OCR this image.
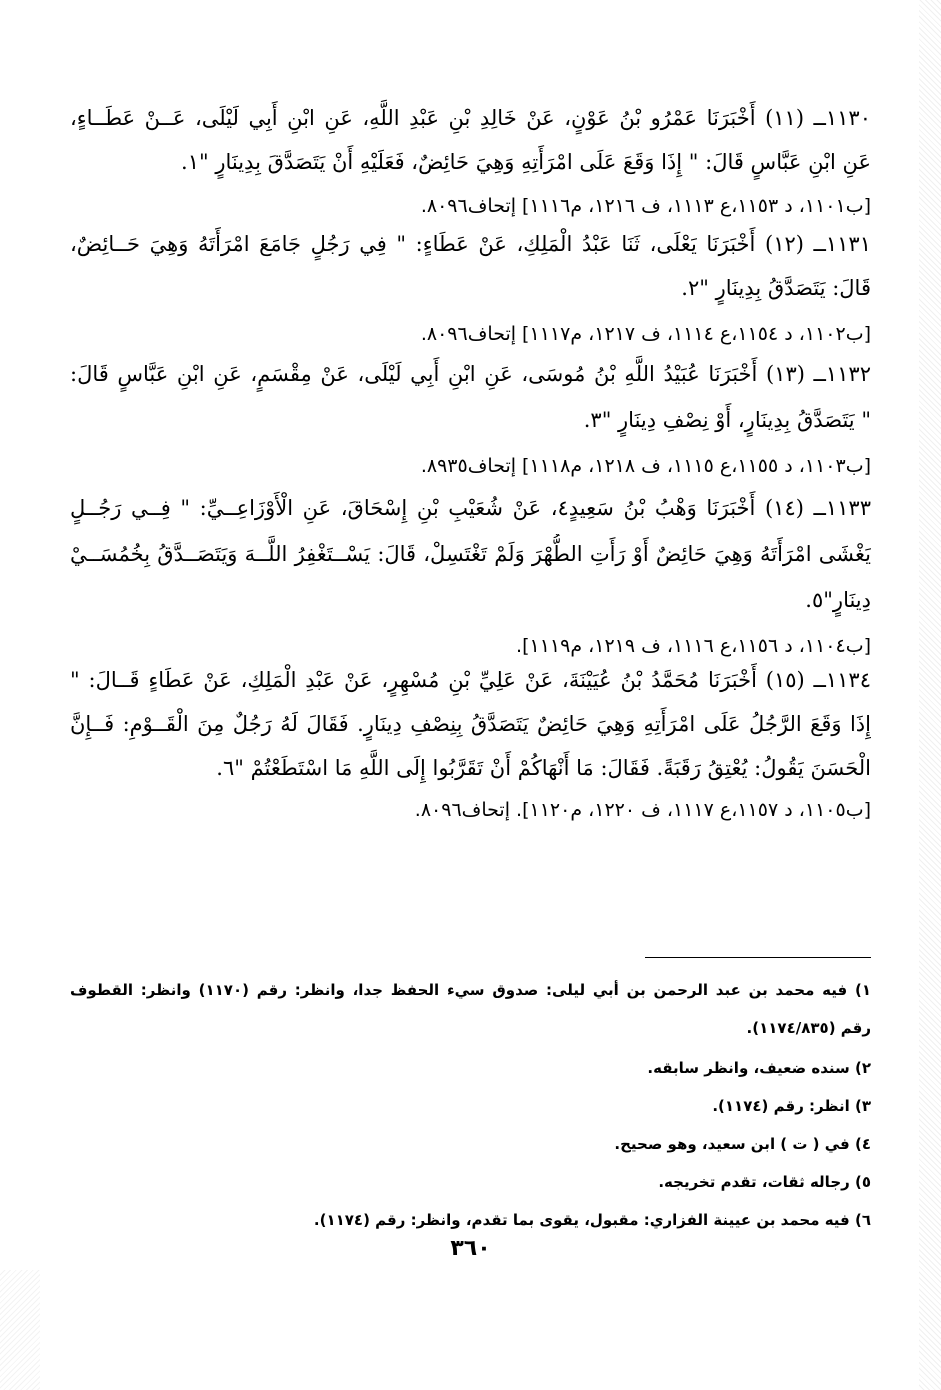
١١٣٠ــ (١١) أَخْبَرَنَا عَمْرُو بْنُ عَوْنٍ، عَنْ خَالِدِ بْنِ عَبْدِ اللَّهِ، عَنِ ابْنِ أَبِي لَيْلَى، عَــنْ عَطَــاءٍ،
عَنِ ابْنِ عَبَّاسٍ قَالَ: " إِذَا وَقَعَ عَلَى امْرَأَتِهِ وَهِيَ حَائِضٌ، فَعَلَيْهِ أَنْ يَتَصَدَّقَ بِدِينَارٍ "١.
[ب١١٠١، د ١١٥٣،ع ١١١٣، ف ١٢١٦، م١١١٦] إتحاف٨٠٩٦.
١١٣١ــ (١٢) أَخْبَرَنَا يَعْلَى، ثَنَا عَبْدُ الْمَلِكِ، عَنْ عَطَاءٍ: " فِي رَجُلٍ جَامَعَ امْرَأَتَهُ وَهِيَ حَــائِضٌ،
قَالَ: يَتَصَدَّقُ بِدِينَارٍ "٢.
[ب١١٠٢، د ١١٥٤،ع ١١١٤، ف ١٢١٧، م١١١٧] إتحاف٨٠٩٦.
١١٣٢ــ (١٣) أَخْبَرَنَا عُبَيْدُ اللَّهِ بْنُ مُوسَى، عَنِ ابْنِ أَبِي لَيْلَى، عَنْ مِقْسَمٍ، عَنِ ابْنِ عَبَّاسٍ قَالَ:
" يَتَصَدَّقُ بِدِينَارٍ، أَوْ نِصْفِ دِينَارٍ "٣.
[ب١١٠٣، د ١١٥٥،ع ١١١٥، ف ١٢١٨، م١١١٨] إتحاف٨٩٣٥.
١١٣٣ــ (١٤) أَخْبَرَنَا وَهْبُ بْنُ سَعِيدٍ٤، عَنْ شُعَيْبِ بْنِ إِسْحَاقَ، عَنِ الْأَوْزَاعِــيِّ: " فِــي رَجُــلٍ
يَغْشَى امْرَأَتَهُ وَهِيَ حَائِضٌ أَوْ رَأَتِ الطُّهْرَ وَلَمْ تَغْتَسِلْ، قَالَ: يَسْــتَغْفِرُ اللَّــهَ وَيَتَصَــدَّقُ بِخُمُسَــيْ
دِينَارٍ"٥.
[ب١١٠٤، د ١١٥٦،ع ١١١٦، ف ١٢١٩، م١١١٩].
١١٣٤ــ (١٥) أَخْبَرَنَا مُحَمَّدُ بْنُ عُيَيْنَةَ، عَنْ عَلِيِّ بْنِ مُسْهِرٍ، عَنْ عَبْدِ الْمَلِكِ، عَنْ عَطَاءٍ قَــالَ: "
إِذَا وَقَعَ الرَّجُلُ عَلَى امْرَأَتِهِ وَهِيَ حَائِضٌ يَتَصَدَّقُ بِنِصْفِ دِينَارٍ. فَقَالَ لَهُ رَجُلٌ مِنَ الْقَــوْمِ: فَــإِنَّ
الْحَسَنَ يَقُولُ: يُعْتِقُ رَقَبَةً. فَقَالَ: مَا أَنْهَاكُمْ أَنْ تَقَرَّبُوا إِلَى اللَّهِ مَا اسْتَطَعْتُمْ "٦.
[ب١١٠٥، د ١١٥٧،ع ١١١٧، ف ١٢٢٠، م١١٢٠]. إتحاف٨٠٩٦.
١) فيه محمد بن عبد الرحمن بن أبي ليلى: صدوق سيء الحفظ جدا، وانظر: رقم (١١٧٠) وانظر: القطوف
رقم (١١٧٤/٨٣٥).
٢) سنده ضعيف، وانظر سابقه.
٣) انظر: رقم (١١٧٤).
٤) في ( ت ) ابن سعيد، وهو صحيح.
٥) رجاله ثقات، تقدم تخريجه.
٦) فيه محمد بن عيينة الفزاري: مقبول، يقوى بما تقدم، وانظر: رقم (١١٧٤).
٣٦٠
